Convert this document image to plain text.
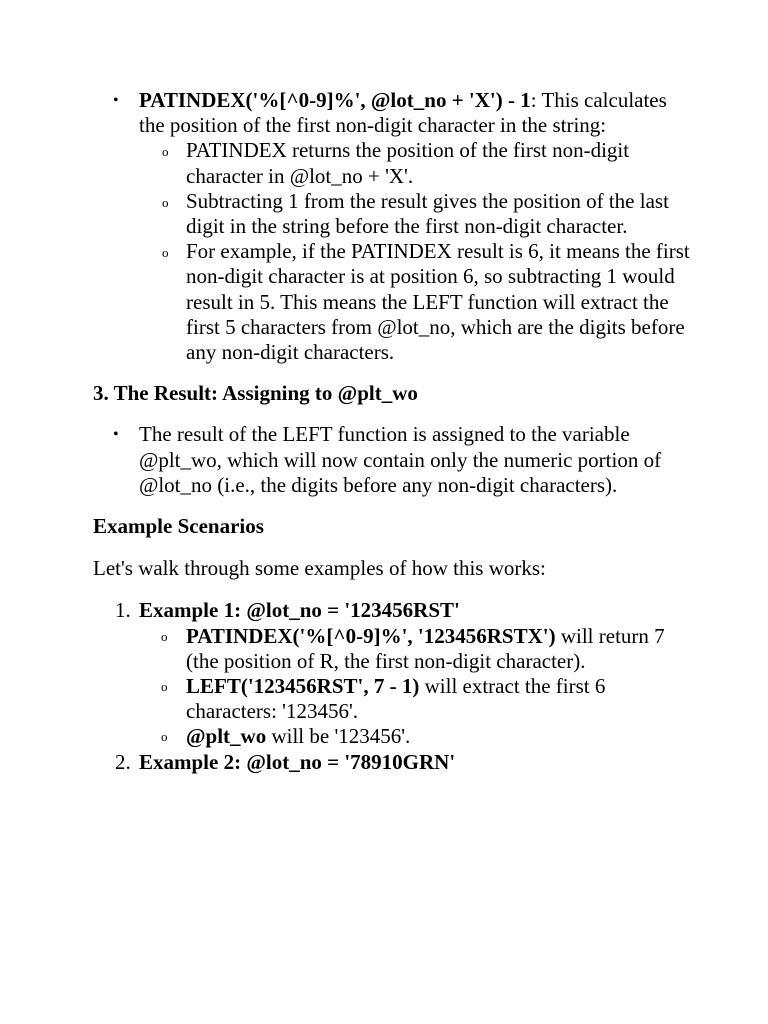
• PATINDEX('%[^0-9]%', @lot_no + 'X') - 1: This calculates the position of the first non-digit character in the string:

o PATINDEX returns the position of the first non-digit character in @lot_no + 'X'.
o Subtracting 1 from the result gives the position of the last digit in the string before the first non-digit character.
o For example, if the PATINDEX result is 6, it means the first non-digit character is at position 6, so subtracting 1 would result in 5. This means the LEFT function will extract the first 5 characters from @lot_no, which are the digits before any non-digit characters.

3. The Result: Assigning to @plt_wo

• The result of the LEFT function is assigned to the variable @plt_wo, which will now contain only the numeric portion of @lot_no (i.e., the digits before any non-digit characters).

Example Scenarios

Let's walk through some examples of how this works:

1. Example 1: @lot_no = '123456RST'

o PATINDEX('%[^0-9]%', '123456RSTX') will return 7 (the position of R, the first non-digit character).
o LEFT('123456RST', 7 - 1) will extract the first 6 characters: '123456'.
o @plt_wo will be '123456'.
2. Example 2: @lot_no = '78910GRN'
